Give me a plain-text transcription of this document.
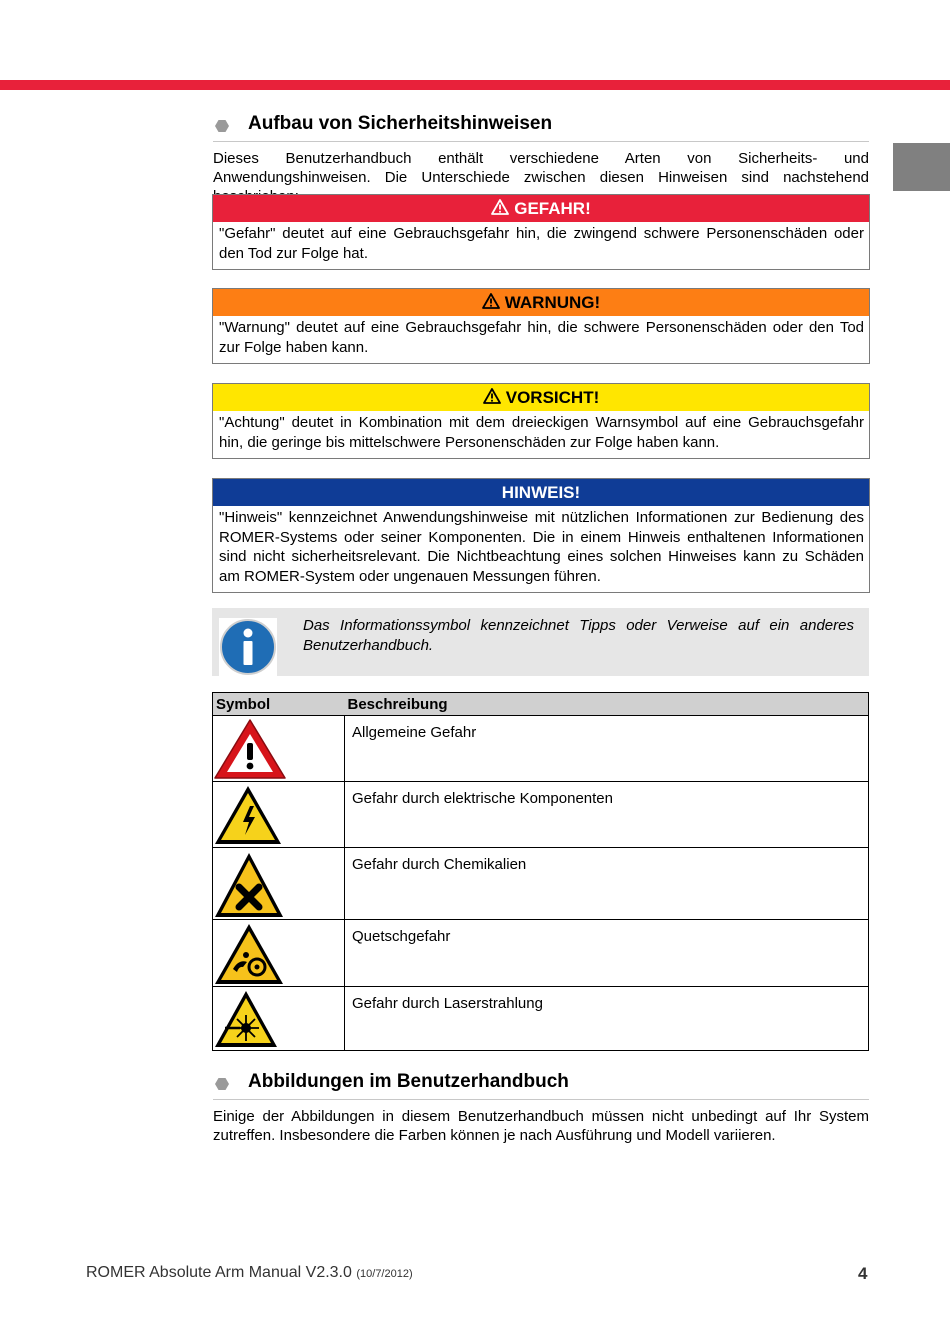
Aufbau von Sicherheitshinweisen
Dieses Benutzerhandbuch enthält verschiedene Arten von Sicherheits- und Anwendungshinweisen. Die Unterschiede zwischen diesen Hinweisen sind nachstehend
GEFAHR!
"Gefahr" deutet auf eine Gebrauchsgefahr hin, die zwingend schwere Personenschäden oder den Tod zur Folge hat.
WARNUNG!
"Warnung" deutet auf eine Gebrauchsgefahr hin, die schwere Personenschäden oder den Tod zur Folge haben kann.
VORSICHT!
"Achtung" deutet in Kombination mit dem dreieckigen Warnsymbol auf eine Gebrauchsgefahr hin, die geringe bis mittelschwere Personenschäden zur Folge haben kann.
HINWEIS!
"Hinweis" kennzeichnet Anwendungshinweise mit nützlichen Informationen zur Bedienung des ROMER-Systems oder seiner Komponenten. Die in einem Hinweis enthaltenen Informationen sind nicht sicherheitsrelevant. Die Nichtbeachtung eines solchen Hinweises kann zu Schäden am ROMER-System oder ungenauen Messungen führen.
Das Informationssymbol kennzeichnet Tipps oder Verweise auf ein anderes Benutzerhandbuch.
Symbol	Beschreibung

	Allgemeine Gefahr

	Gefahr durch elektrische Komponenten

	Gefahr durch Chemikalien

	Quetschgefahr

	Gefahr durch Laserstrahlung
Abbildungen im Benutzerhandbuch
Einige der Abbildungen in diesem Benutzerhandbuch müssen nicht unbedingt auf Ihr System zutreffen. Insbesondere die Farben können je nach Ausführung und Modell variieren.
ROMER Absolute Arm Manual V2.3.0 (10/7/2012)	4
